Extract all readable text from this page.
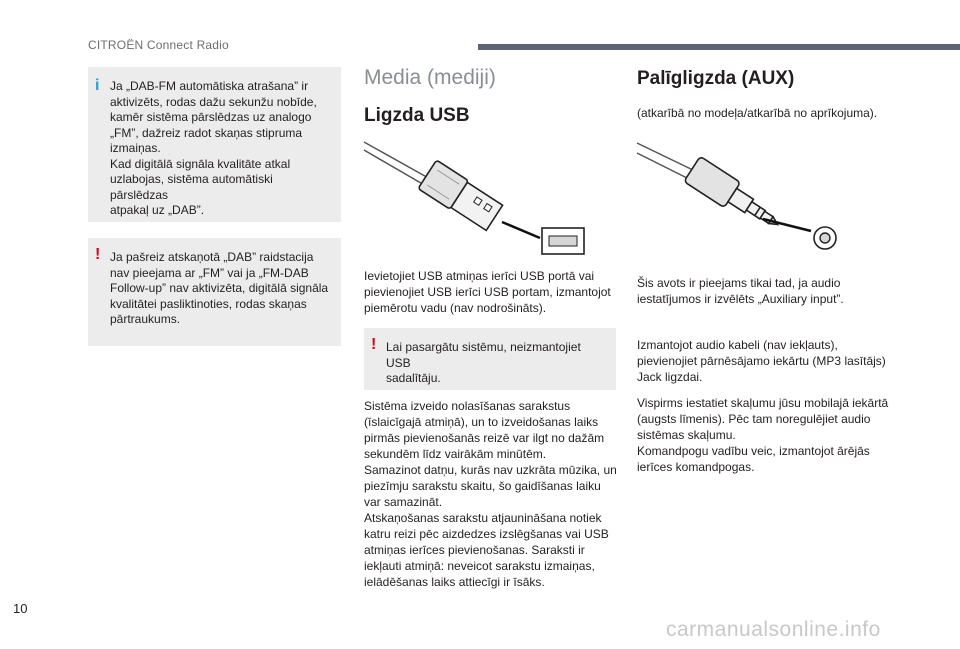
CITROËN Connect Radio
i Ja „DAB-FM automātiska atrašana” ir
aktivizēts, rodas dažu sekunžu nobīde,
kamēr sistēma pārslēdzas uz analogo
„FM”, dažreiz radot skaņas stipruma
izmaiņas.
Kad digitālā signāla kvalitāte atkal
uzlabojas, sistēma automātiski pārslēdzas
atpakaļ uz „DAB”.

! Ja pašreiz atskaņotā „DAB” raidstacija
nav pieejama ar „FM” vai ja „FM-DAB
Follow-up” nav aktivizēta, digitālā signāla
kvalitātei pasliktinoties, rodas skaņas
pārtraukums.

Media (mediji)
Ligzda USB

Ievietojiet USB atmiņas ierīci USB portā vai
pievienojiet USB ierīci USB portam, izmantojot
piemērotu vadu (nav nodrošināts).

! Lai pasargātu sistēmu, neizmantojiet USB
sadalītāju.

Sistēma izveido nolasīšanas sarakstus
(īslaicīgajā atmiņā), un to izveidošanas laiks
pirmās pievienošanās reizē var ilgt no dažām
sekundēm līdz vairākām minūtēm.
Samazinot datņu, kurās nav uzkrāta mūzika, un
piezīmju sarakstu skaitu, šo gaidīšanas laiku
var samazināt.
Atskaņošanas sarakstu atjaunināšana notiek
katru reizi pēc aizdedzes izslēgšanas vai USB
atmiņas ierīces pievienošanas. Saraksti ir
iekļauti atmiņā: neveicot sarakstu izmaiņas,
ielādēšanas laiks attiecīgi ir īsāks.

Palīgligzda (AUX)

(atkarībā no modeļa/atkarībā no aprīkojuma).

Šis avots ir pieejams tikai tad, ja audio
iestatījumos ir izvēlēts „Auxiliary input”.

Izmantojot audio kabeli (nav iekļauts),
pievienojiet pārnēsājamo iekārtu (MP3 lasītājs)
Jack ligzdai.

Vispirms iestatiet skaļumu jūsu mobilajā iekārtā
(augsts līmenis). Pēc tam noregulējiet audio
sistēmas skaļumu.
Komandpogu vadību veic, izmantojot ārējās
ierīces komandpogas.

10
carmanualsonline.info
